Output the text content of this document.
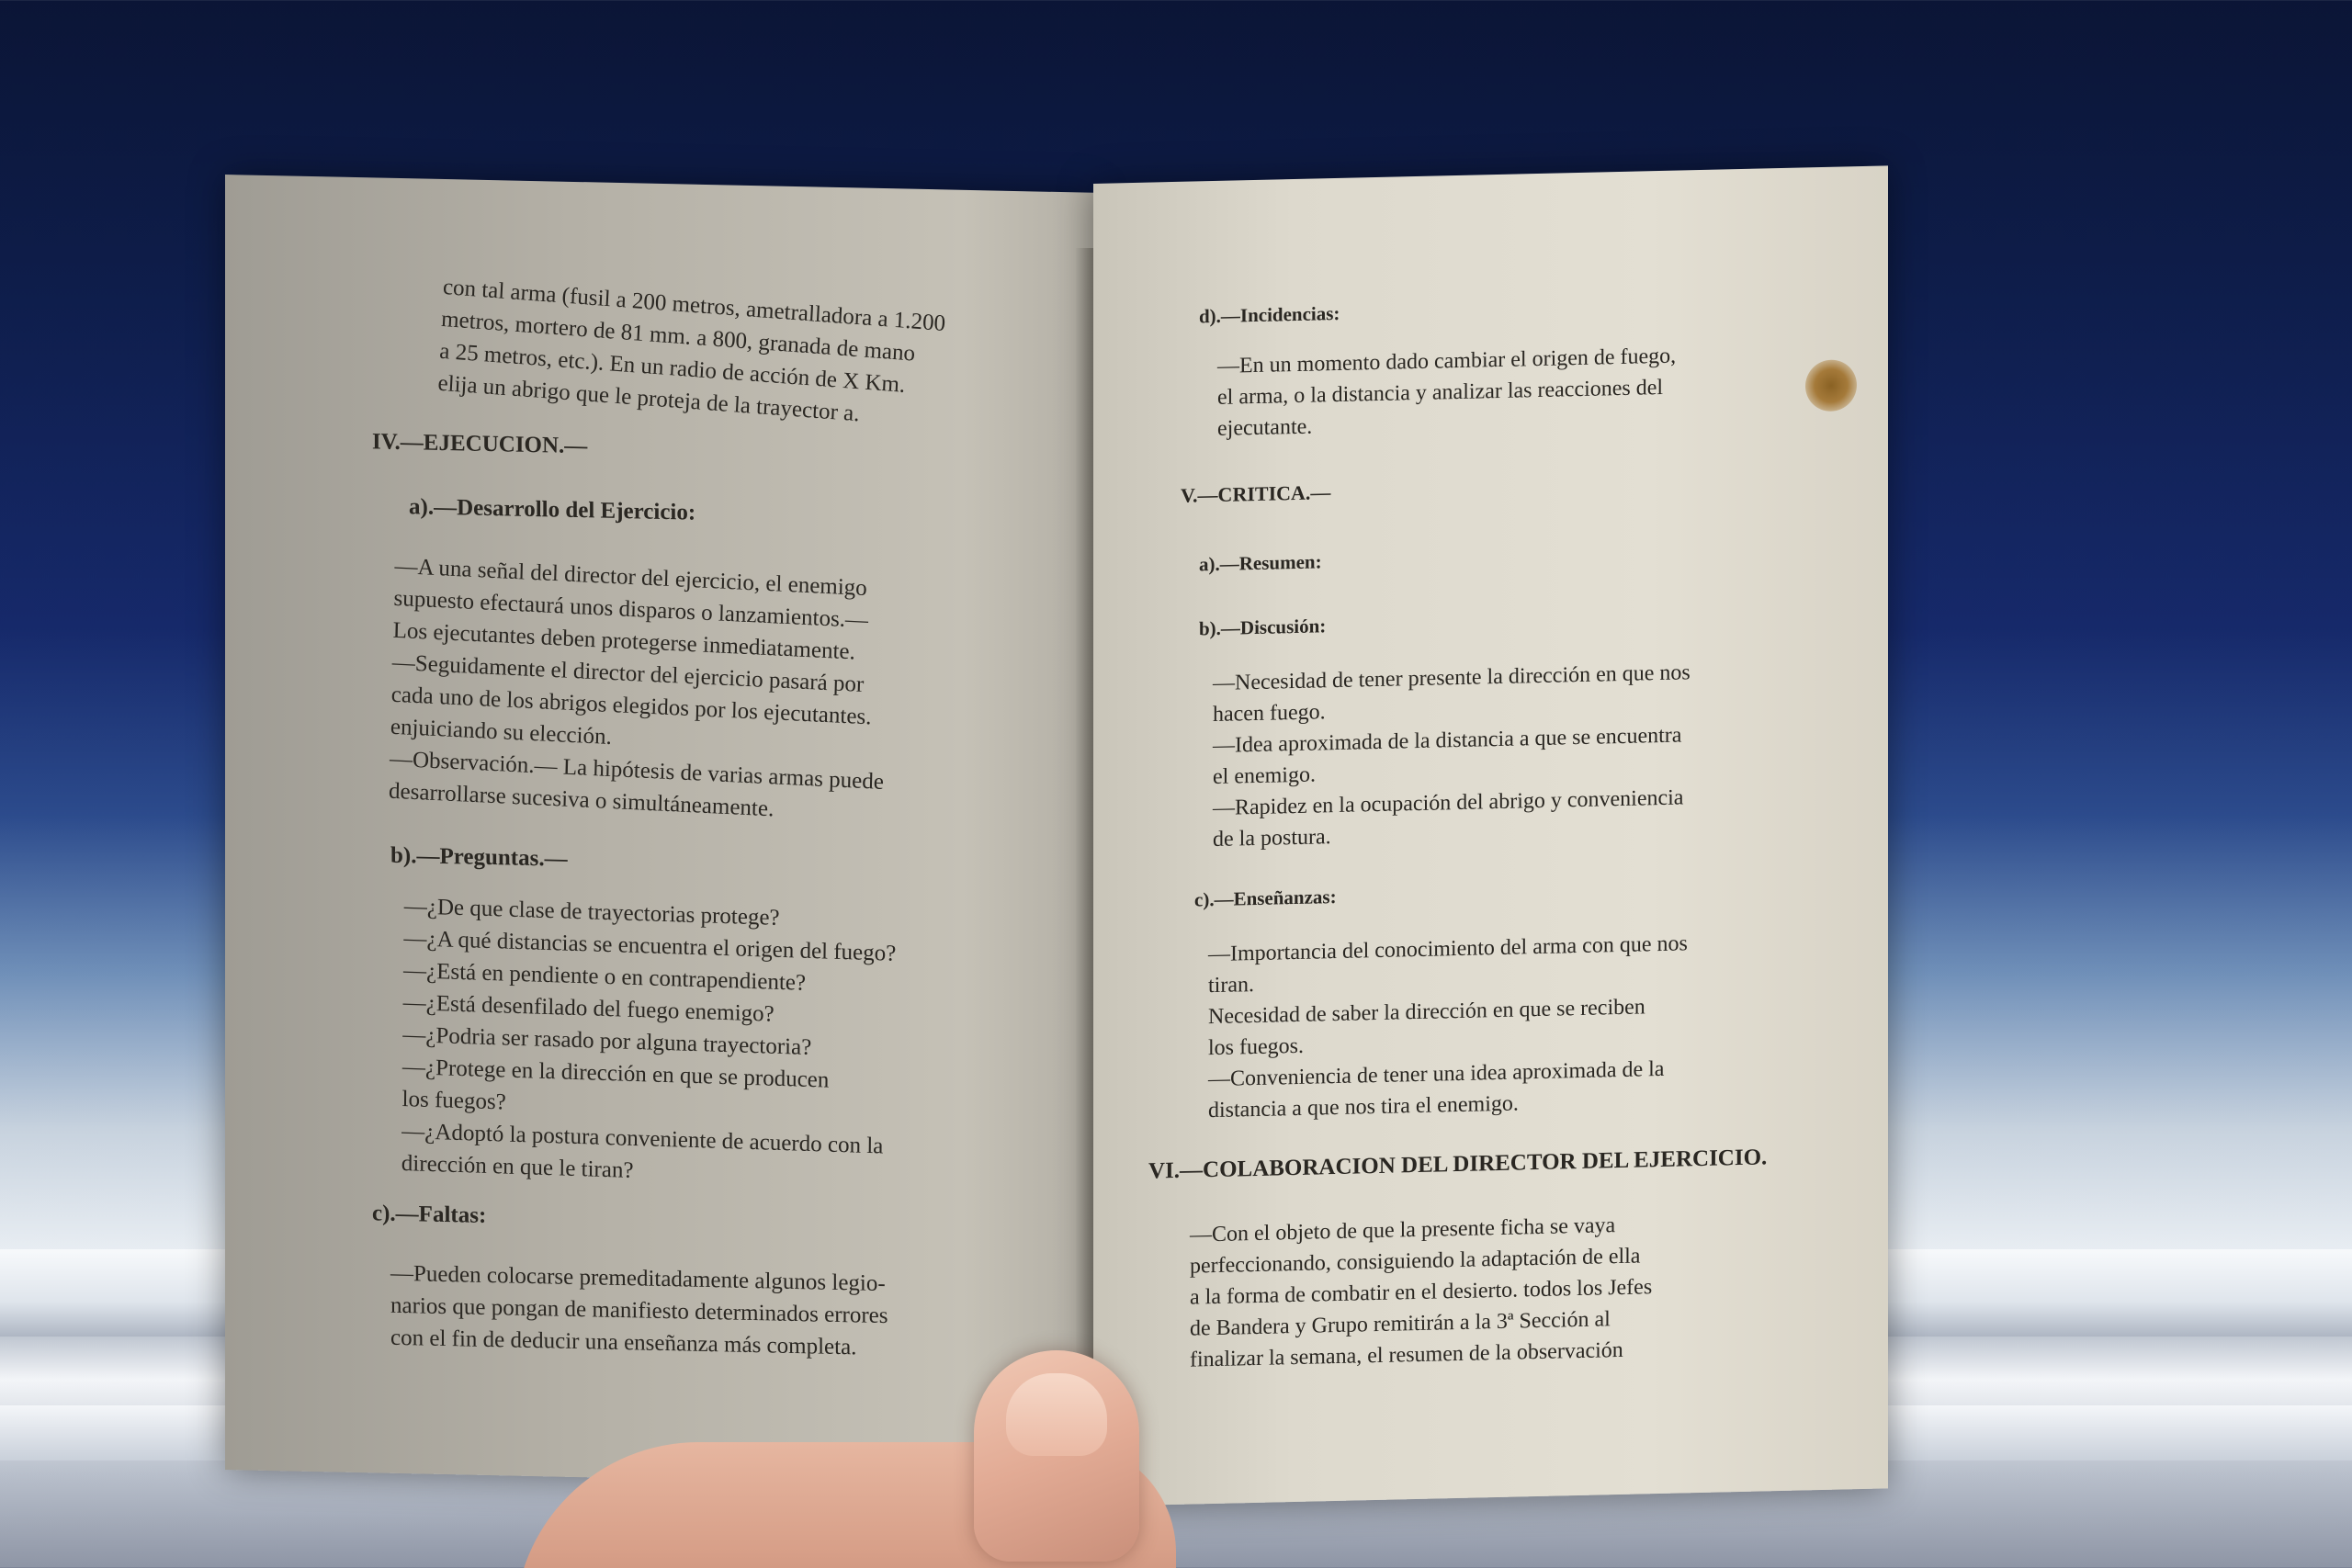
con tal arma (fusil a 200 metros, ametralladora a 1.200
metros, mortero de 81 mm. a 800, granada de mano
a 25 metros, etc.). En un radio de acción de X Km.
elija un abrigo que le proteja de la trayector a.

IV.—EJECUCION.—

a).—Desarrollo del Ejercicio:

—A una señal del director del ejercicio, el enemigo
supuesto efectaurá unos disparos o lanzamientos.—
Los ejecutantes deben protegerse inmediatamente.
—Seguidamente el director del ejercicio pasará por
cada uno de los abrigos elegidos por los ejecutantes.
enjuiciando su elección.
—Observación.— La hipótesis de varias armas puede
desarrollarse sucesiva o simultáneamente.

b).—Preguntas.—

—¿De que clase de trayectorias protege?
—¿A qué distancias se encuentra el origen del fuego?
—¿Está en pendiente o en contrapendiente?
—¿Está desenfilado del fuego enemigo?
—¿Podria ser rasado por alguna trayectoria?
—¿Protege en la dirección en que se producen
los fuegos?
—¿Adoptó la postura conveniente de acuerdo con la
dirección en que le tiran?

c).—Faltas:

—Pueden colocarse premeditadamente algunos legio-
narios que pongan de manifiesto determinados errores
con el fin de deducir una enseñanza más completa.

d).—Incidencias:

—En un momento dado cambiar el origen de fuego,
el arma, o la distancia y analizar las reacciones del
ejecutante.

V.—CRITICA.—

a).—Resumen:

b).—Discusión:

—Necesidad de tener presente la dirección en que nos
hacen fuego.
—Idea aproximada de la distancia a que se encuentra
el enemigo.
—Rapidez en la ocupación del abrigo y conveniencia
de la postura.

c).—Enseñanzas:

—Importancia del conocimiento del arma con que nos
tiran.
Necesidad de saber la dirección en que se reciben
los fuegos.
—Conveniencia de tener una idea aproximada de la
distancia a que nos tira el enemigo.

VI.—COLABORACION DEL DIRECTOR DEL EJERCICIO.

—Con el objeto de que la presente ficha se vaya
perfeccionando, consiguiendo la adaptación de ella
a la forma de combatir en el desierto. todos los Jefes
de Bandera y Grupo remitirán a la 3ª Sección al
finalizar la semana, el resumen de la observación
